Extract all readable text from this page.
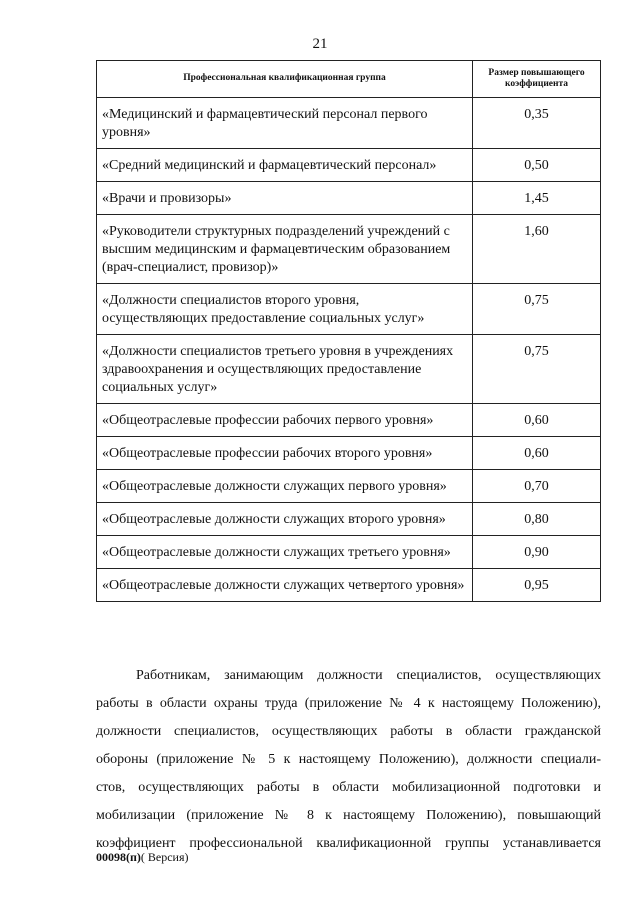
21
Профессиональная квалификационная группа	Размер повышающего коэффициента
«Медицинский и фармацевтический персонал первого уровня»	0,35
«Средний медицинский и фармацевтический персонал»	0,50
«Врачи и провизоры»	1,45
«Руководители структурных подразделений учреждений с высшим медицинским и фармацевтическим образованием (врач-специалист, провизор)»	1,60
«Должности специалистов второго уровня, осуществляющих предоставление социальных услуг»	0,75
«Должности специалистов третьего уровня в учреждениях здравоохранения и осуществляющих предоставление социальных услуг»	0,75
«Общеотраслевые профессии рабочих первого уровня»	0,60
«Общеотраслевые профессии рабочих второго уровня»	0,60
«Общеотраслевые должности служащих первого уровня»	0,70
«Общеотраслевые должности служащих второго уровня»	0,80
«Общеотраслевые должности служащих третьего уровня»	0,90
«Общеотраслевые должности служащих четвертого уровня»	0,95
Работникам, занимающим должности специалистов, осуществляющих
работы в области охраны труда (приложение № 4 к настоящему Положению),
должности специалистов, осуществляющих работы в области гражданской
обороны (приложение № 5 к настоящему Положению), должности специали-
стов, осуществляющих работы в области мобилизационной подготовки и
мобилизации (приложение № 8 к настоящему Положению), повышающий
коэффициент профессиональной квалификационной группы устанавливается
00098(п)( Версия)
